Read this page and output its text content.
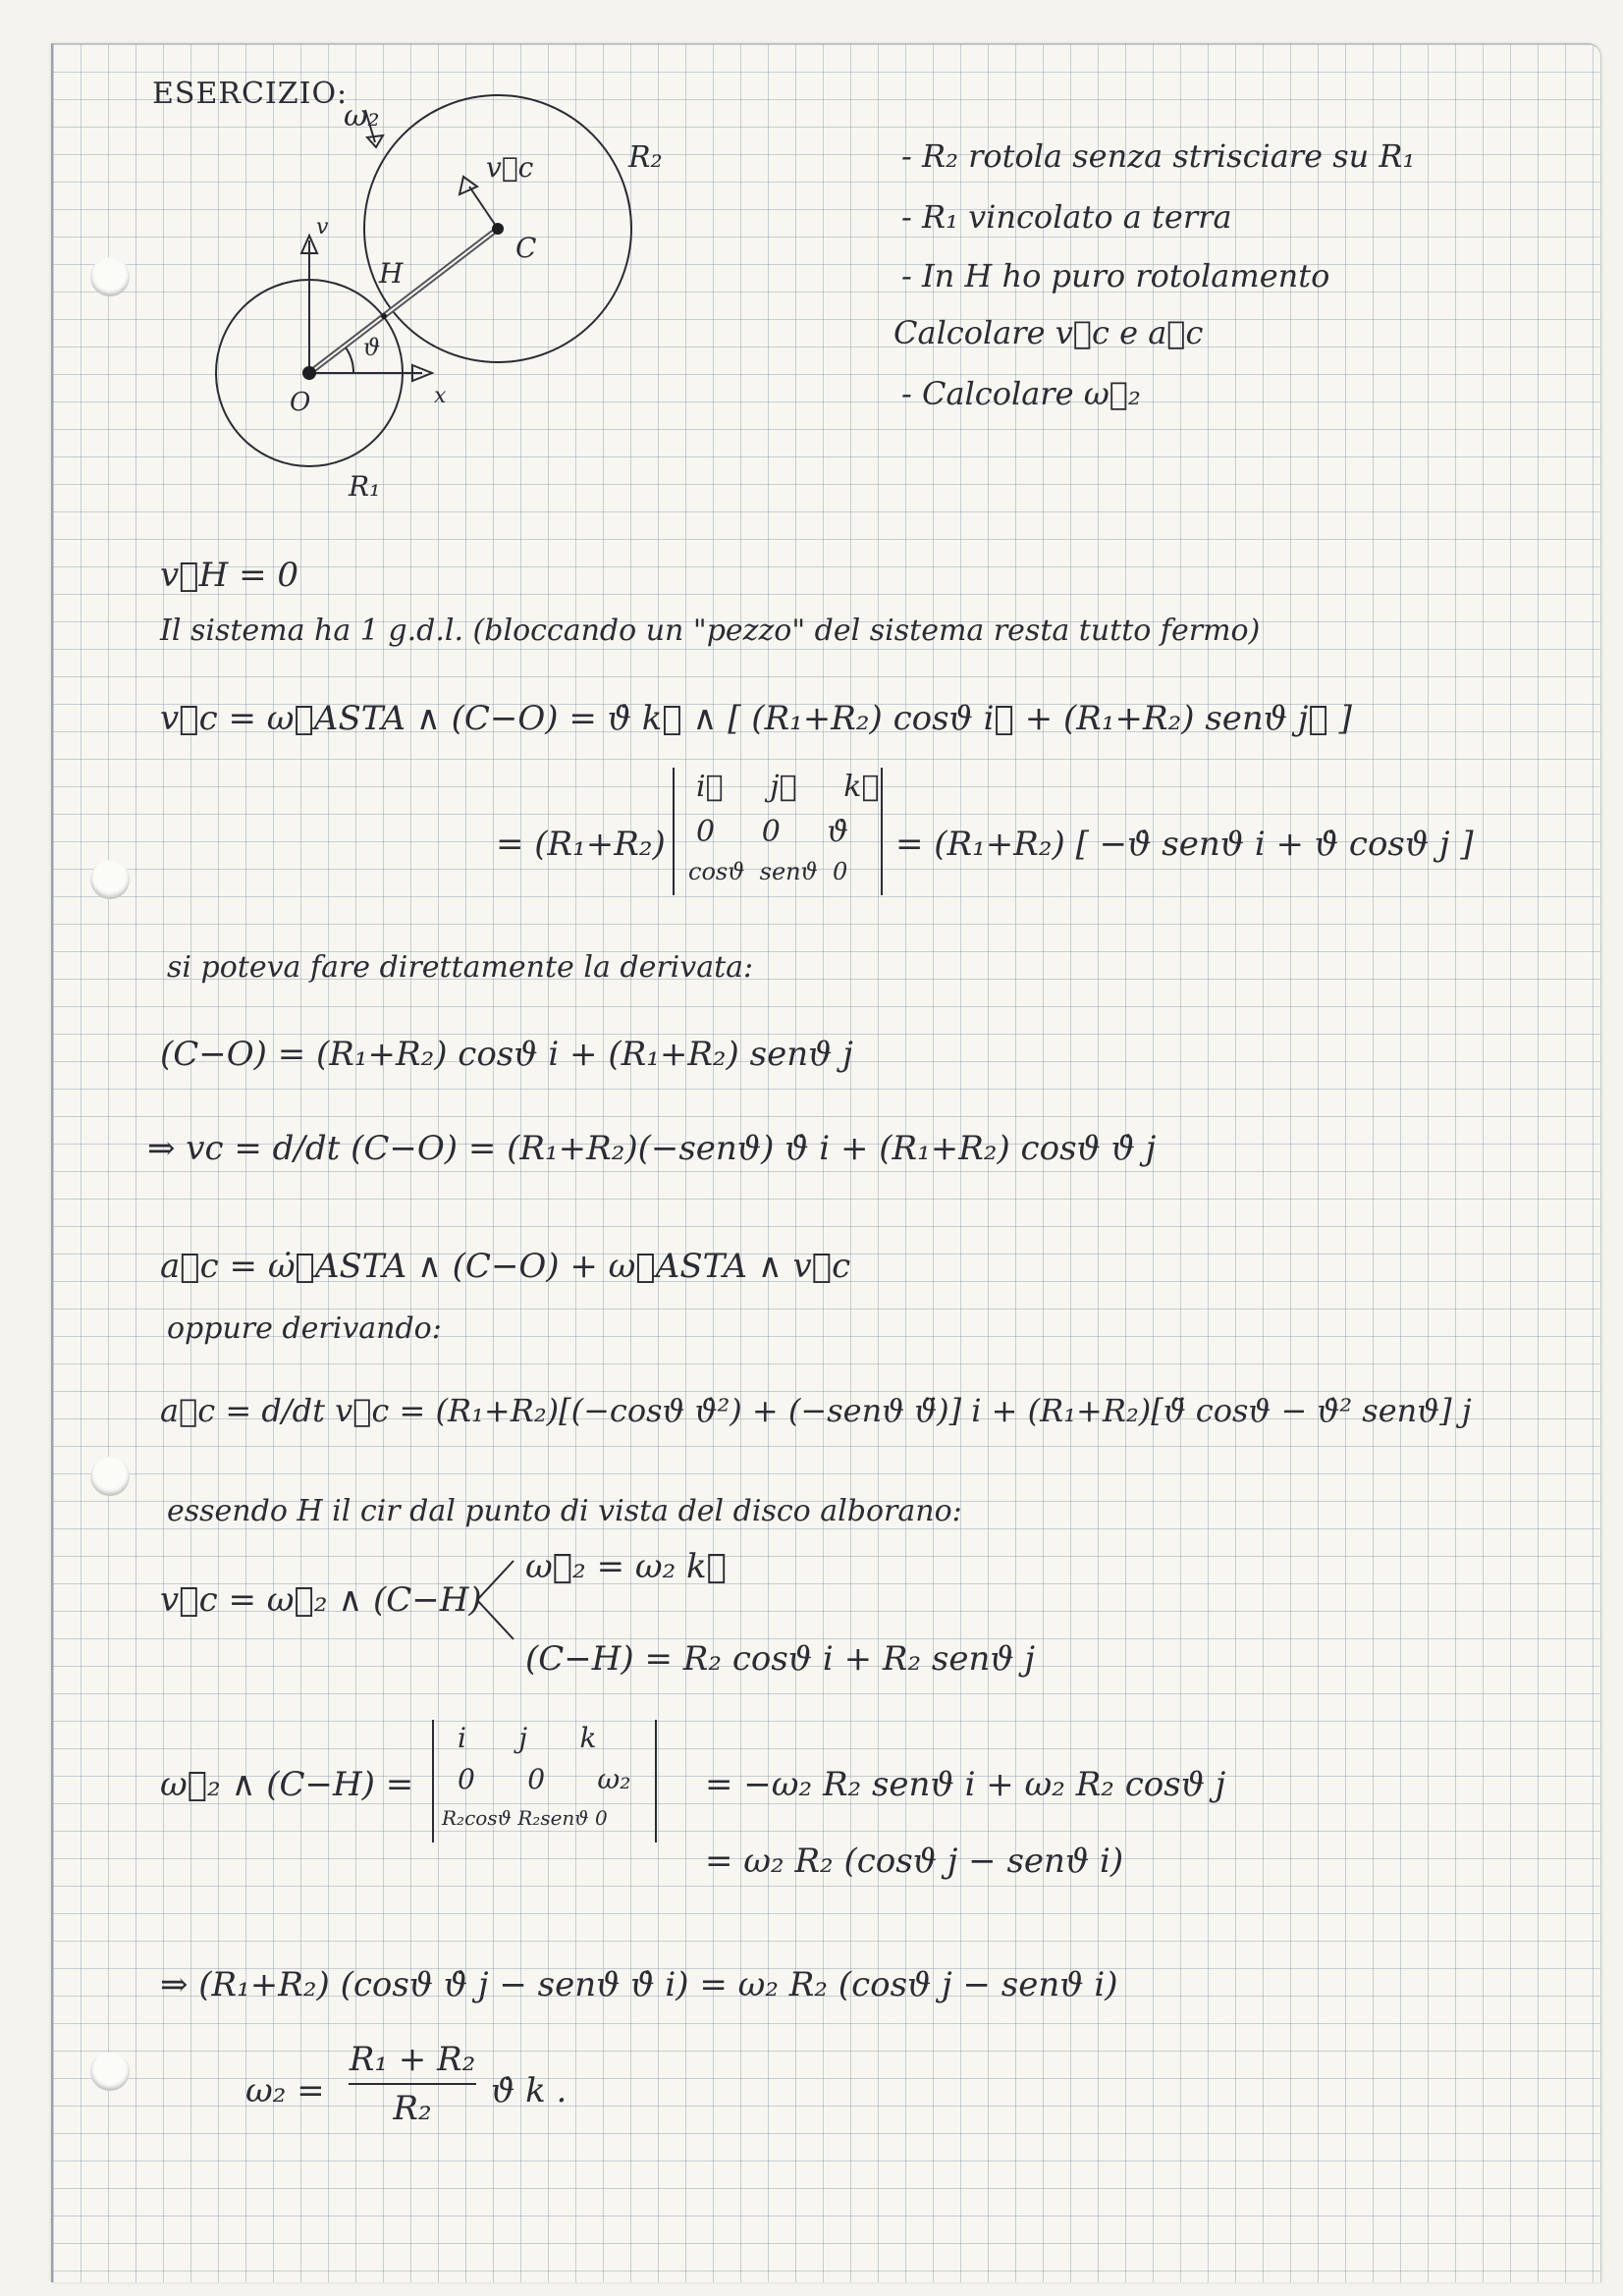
ESERCIZIO:
ω₂
R₂
v⃗c
C
v
H
ϑ
O	x
R₁
- R₂ rotola senza strisciare su R₁
- R₁ vincolato a terra
- In H ho puro rotolamento
Calcolare v⃗c e a⃗c
- Calcolare ω⃗₂
v⃗H = 0
Il sistema ha 1 g.d.l. (bloccando un "pezzo" del sistema resta tutto fermo)
v⃗c = ω⃗ASTA ∧ (C−O) = ϑ̇ k⃗ ∧ [ (R₁+R₂) cosϑ i⃗ + (R₁+R₂) senϑ j⃗ ]
= (R₁+R₂)
i⃗     j⃗     k⃗
0     0     ϑ̇
cosϑ  senϑ  0
= (R₁+R₂) [ −ϑ̇ senϑ i + ϑ̇ cosϑ j ]
si poteva fare direttamente la derivata:
(C−O) = (R₁+R₂) cosϑ i + (R₁+R₂) senϑ j
⇒ vc = d/dt (C−O) = (R₁+R₂)(−senϑ) ϑ̇ i + (R₁+R₂) cosϑ ϑ̇ j
a⃗c = ω̇⃗ASTA ∧ (C−O) + ω⃗ASTA ∧ v⃗c
oppure derivando:
a⃗c = d/dt v⃗c = (R₁+R₂)[(−cosϑ ϑ̇²) + (−senϑ ϑ̈)] i + (R₁+R₂)[ϑ̈ cosϑ − ϑ̇² senϑ] j
essendo H il cir dal punto di vista del disco alborano:
v⃗c = ω⃗₂ ∧ (C−H)
ω⃗₂ = ω₂ k⃗
(C−H) = R₂ cosϑ i + R₂ senϑ j
ω⃗₂ ∧ (C−H) =
i      j      k
0      0      ω₂
R₂cosϑ R₂senϑ 0
= −ω₂ R₂ senϑ i + ω₂ R₂ cosϑ j
= ω₂ R₂ (cosϑ j − senϑ i)
⇒ (R₁+R₂) (cosϑ ϑ̇ j − senϑ ϑ̇ i) = ω₂ R₂ (cosϑ j − senϑ i)
$\omega_2 = \frac{\text{R₁ + R₂}}{\text{R₂}}$ ϑ̇ k .
